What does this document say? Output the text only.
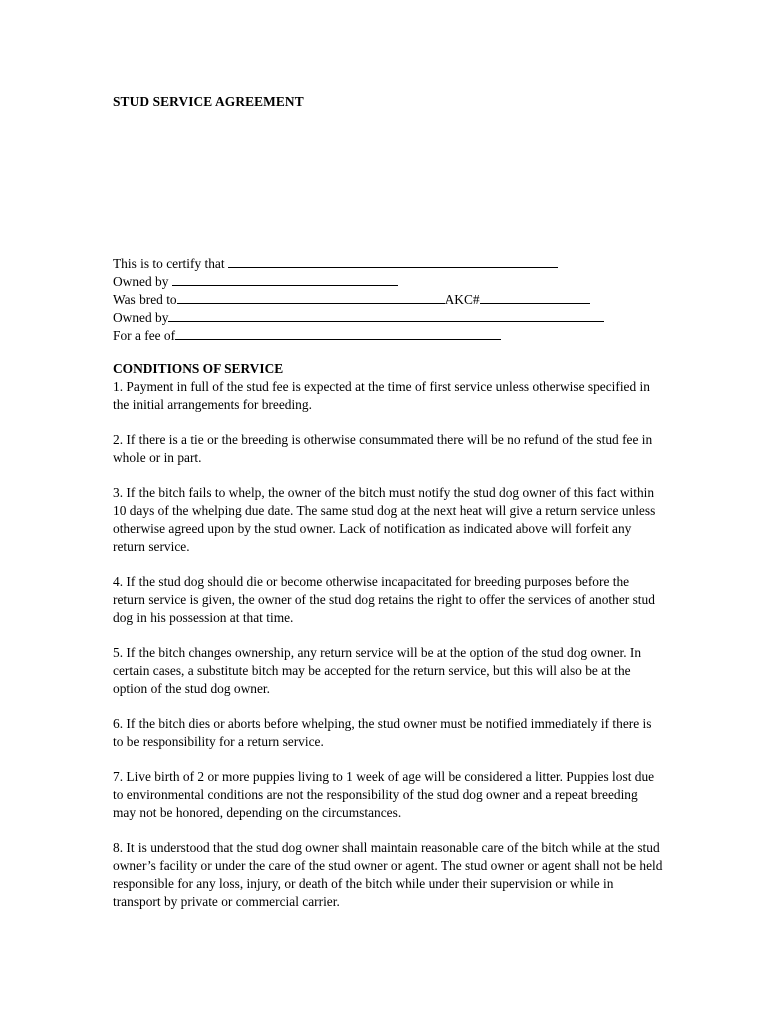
STUD SERVICE AGREEMENT
This is to certify that
Owned by
Was bred to	AKC#
Owned by
For a fee of

CONDITIONS OF SERVICE

1. Payment in full of the stud fee is expected at the time of first service unless otherwise specified in the initial arrangements for breeding.

2. If there is a tie or the breeding is otherwise consummated there will be no refund of the stud fee in whole or in part.

3. If the bitch fails to whelp, the owner of the bitch must notify the stud dog owner of this fact within 10 days of the whelping due date. The same stud dog at the next heat will give a return service unless otherwise agreed upon by the stud owner. Lack of notification as indicated above will forfeit any return service.

4. If the stud dog should die or become otherwise incapacitated for breeding purposes before the return service is given, the owner of the stud dog retains the right to offer the services of another stud dog in his possession at that time.

5. If the bitch changes ownership, any return service will be at the option of the stud dog owner. In certain cases, a substitute bitch may be accepted for the return service, but this will also be at the option of the stud dog owner.

6. If the bitch dies or aborts before whelping, the stud owner must be notified immediately if there is to be responsibility for a return service.

7. Live birth of 2 or more puppies living to 1 week of age will be considered a litter. Puppies lost due to environmental conditions are not the responsibility of the stud dog owner and a repeat breeding may not be honored, depending on the circumstances.

8. It is understood that the stud dog owner shall maintain reasonable care of the bitch while at the stud owner’s facility or under the care of the stud owner or agent. The stud owner or agent shall not be held responsible for any loss, injury, or death of the bitch while under their supervision or while in transport by private or commercial carrier.
